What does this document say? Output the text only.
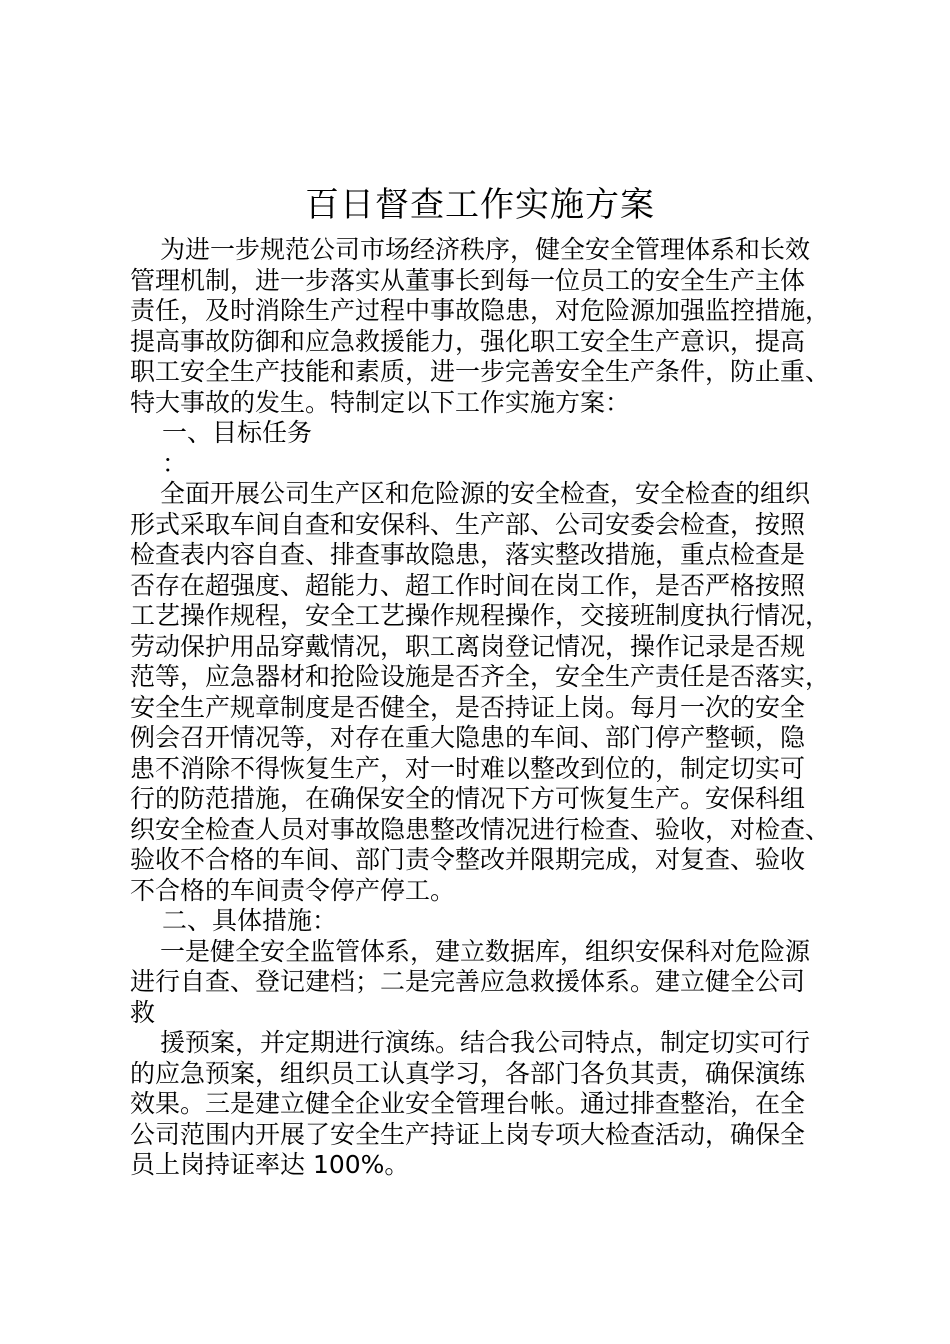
百日督查工作实施方案
为进一步规范公司市场经济秩序，健全安全管理体系和长效
管理机制，进一步落实从董事长到每一位员工的安全生产主体
责任，及时消除生产过程中事故隐患，对危险源加强监控措施，
提高事故防御和应急救援能力，强化职工安全生产意识，提高
职工安全生产技能和素质，进一步完善安全生产条件，防止重、
特大事故的发生。特制定以下工作实施方案：
一、目标任务
：
全面开展公司生产区和危险源的安全检查，安全检查的组织
形式采取车间自查和安保科、生产部、公司安委会检查，按照
检查表内容自查、排查事故隐患，落实整改措施，重点检查是
否存在超强度、超能力、超工作时间在岗工作，是否严格按照
工艺操作规程，安全工艺操作规程操作，交接班制度执行情况，
劳动保护用品穿戴情况，职工离岗登记情况，操作记录是否规
范等，应急器材和抢险设施是否齐全，安全生产责任是否落实，
安全生产规章制度是否健全，是否持证上岗。每月一次的安全
例会召开情况等，对存在重大隐患的车间、部门停产整顿，隐
患不消除不得恢复生产，对一时难以整改到位的，制定切实可
行的防范措施，在确保安全的情况下方可恢复生产。安保科组
织安全检查人员对事故隐患整改情况进行检查、验收，对检查、
验收不合格的车间、部门责令整改并限期完成，对复查、验收
不合格的车间责令停产停工。
二、具体措施：
一是健全安全监管体系，建立数据库，组织安保科对危险源
进行自查、登记建档；二是完善应急救援体系。建立健全公司
救
援预案，并定期进行演练。结合我公司特点，制定切实可行
的应急预案，组织员工认真学习，各部门各负其责，确保演练
效果。三是建立健全企业安全管理台帐。通过排查整治，在全
公司范围内开展了安全生产持证上岗专项大检查活动，确保全
员上岗持证率达 100%。
